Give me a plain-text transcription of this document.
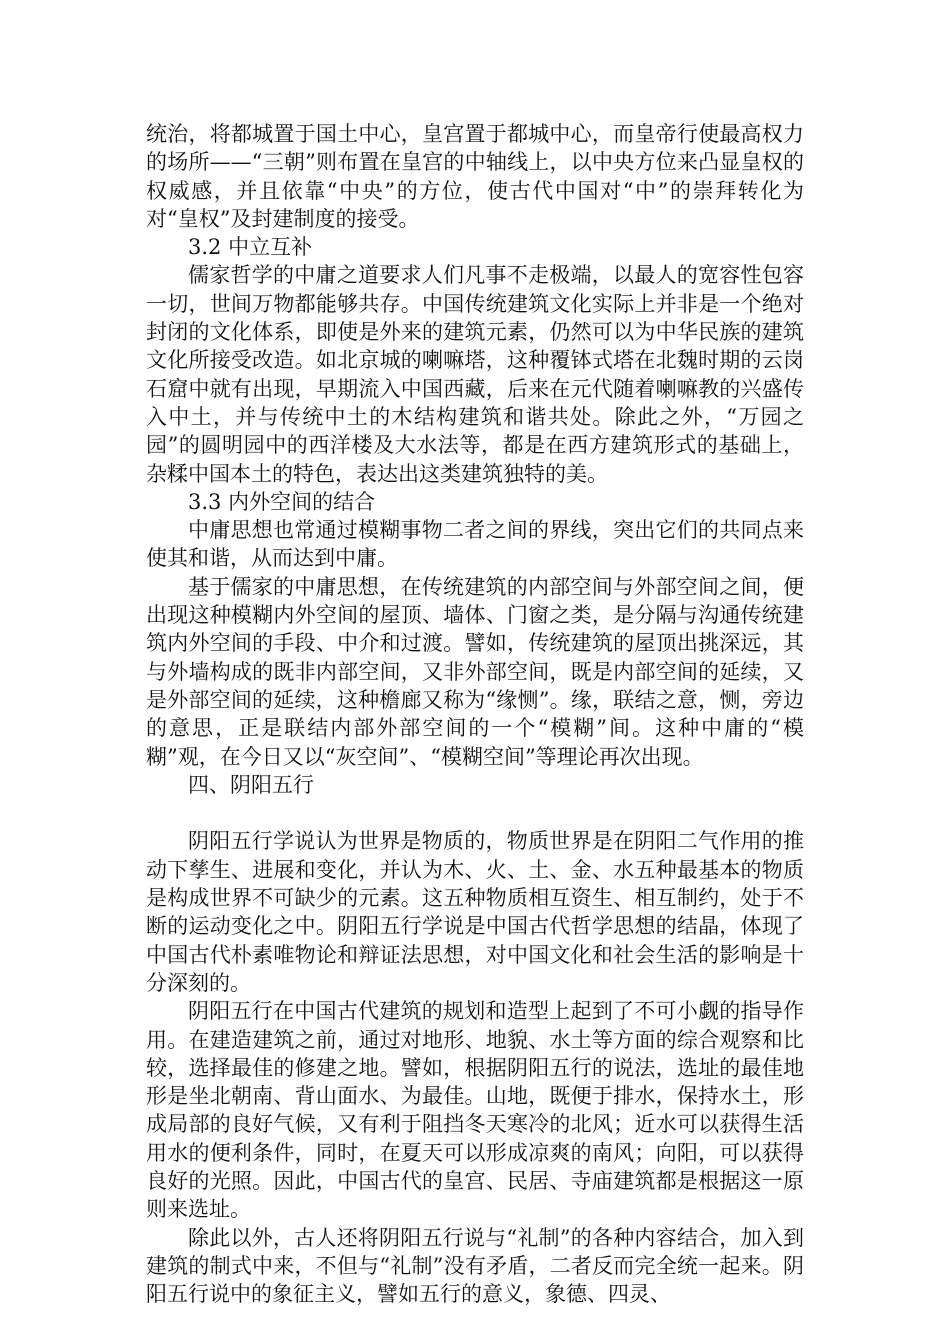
统治，将都城置于国土中心，皇宫置于都城中心，而皇帝行使最高权力的场所——“三朝”则布置在皇宫的中轴线上，以中央方位来凸显皇权的权威感，并且依靠“中央”的方位，使古代中国对“中”的崇拜转化为对“皇权”及封建制度的接受。

3.2 中立互补

儒家哲学的中庸之道要求人们凡事不走极端，以最人的宽容性包容一切，世间万物都能够共存。中国传统建筑文化实际上并非是一个绝对封闭的文化体系，即使是外来的建筑元素，仍然可以为中华民族的建筑文化所接受改造。如北京城的喇嘛塔，这种覆钵式塔在北魏时期的云岗石窟中就有出现，早期流入中国西藏，后来在元代随着喇嘛教的兴盛传入中土，并与传统中土的木结构建筑和谐共处。除此之外，“万园之园”的圆明园中的西洋楼及大水法等，都是在西方建筑形式的基础上，杂糅中国本土的特色，表达出这类建筑独特的美。

3.3 内外空间的结合

中庸思想也常通过模糊事物二者之间的界线，突出它们的共同点来使其和谐，从而达到中庸。

基于儒家的中庸思想，在传统建筑的内部空间与外部空间之间，便出现这种模糊内外空间的屋顶、墙体、门窗之类，是分隔与沟通传统建筑内外空间的手段、中介和过渡。譬如，传统建筑的屋顶出挑深远，其与外墙构成的既非内部空间，又非外部空间，既是内部空间的延续，又是外部空间的延续，这种檐廊又称为“缘恻”。缘，联结之意，恻，旁边的意思，正是联结内部外部空间的一个“模糊”间。这种中庸的“模糊”观，在今日又以“灰空间”、“模糊空间”等理论再次出现。

四、阴阳五行

阴阳五行学说认为世界是物质的，物质世界是在阴阳二气作用的推动下孳生、进展和变化，并认为木、火、土、金、水五种最基本的物质是构成世界不可缺少的元素。这五种物质相互资生、相互制约，处于不断的运动变化之中。阴阳五行学说是中国古代哲学思想的结晶，体现了中国古代朴素唯物论和辩证法思想，对中国文化和社会生活的影响是十分深刻的。

阴阳五行在中国古代建筑的规划和造型上起到了不可小觑的指导作用。在建造建筑之前，通过对地形、地貌、水土等方面的综合观察和比较，选择最佳的修建之地。譬如，根据阴阳五行的说法，选址的最佳地形是坐北朝南、背山面水、为最佳。山地，既便于排水，保持水土，形成局部的良好气候，又有利于阻挡冬天寒冷的北风；近水可以获得生活用水的便利条件，同时，在夏天可以形成凉爽的南风；向阳，可以获得良好的光照。因此，中国古代的皇宫、民居、寺庙建筑都是根据这一原则来选址。

除此以外，古人还将阴阳五行说与“礼制”的各种内容结合，加入到建筑的制式中来，不但与“礼制”没有矛盾，二者反而完全统一起来。阴阳五行说中的象征主义，譬如五行的意义，象德、四灵、
